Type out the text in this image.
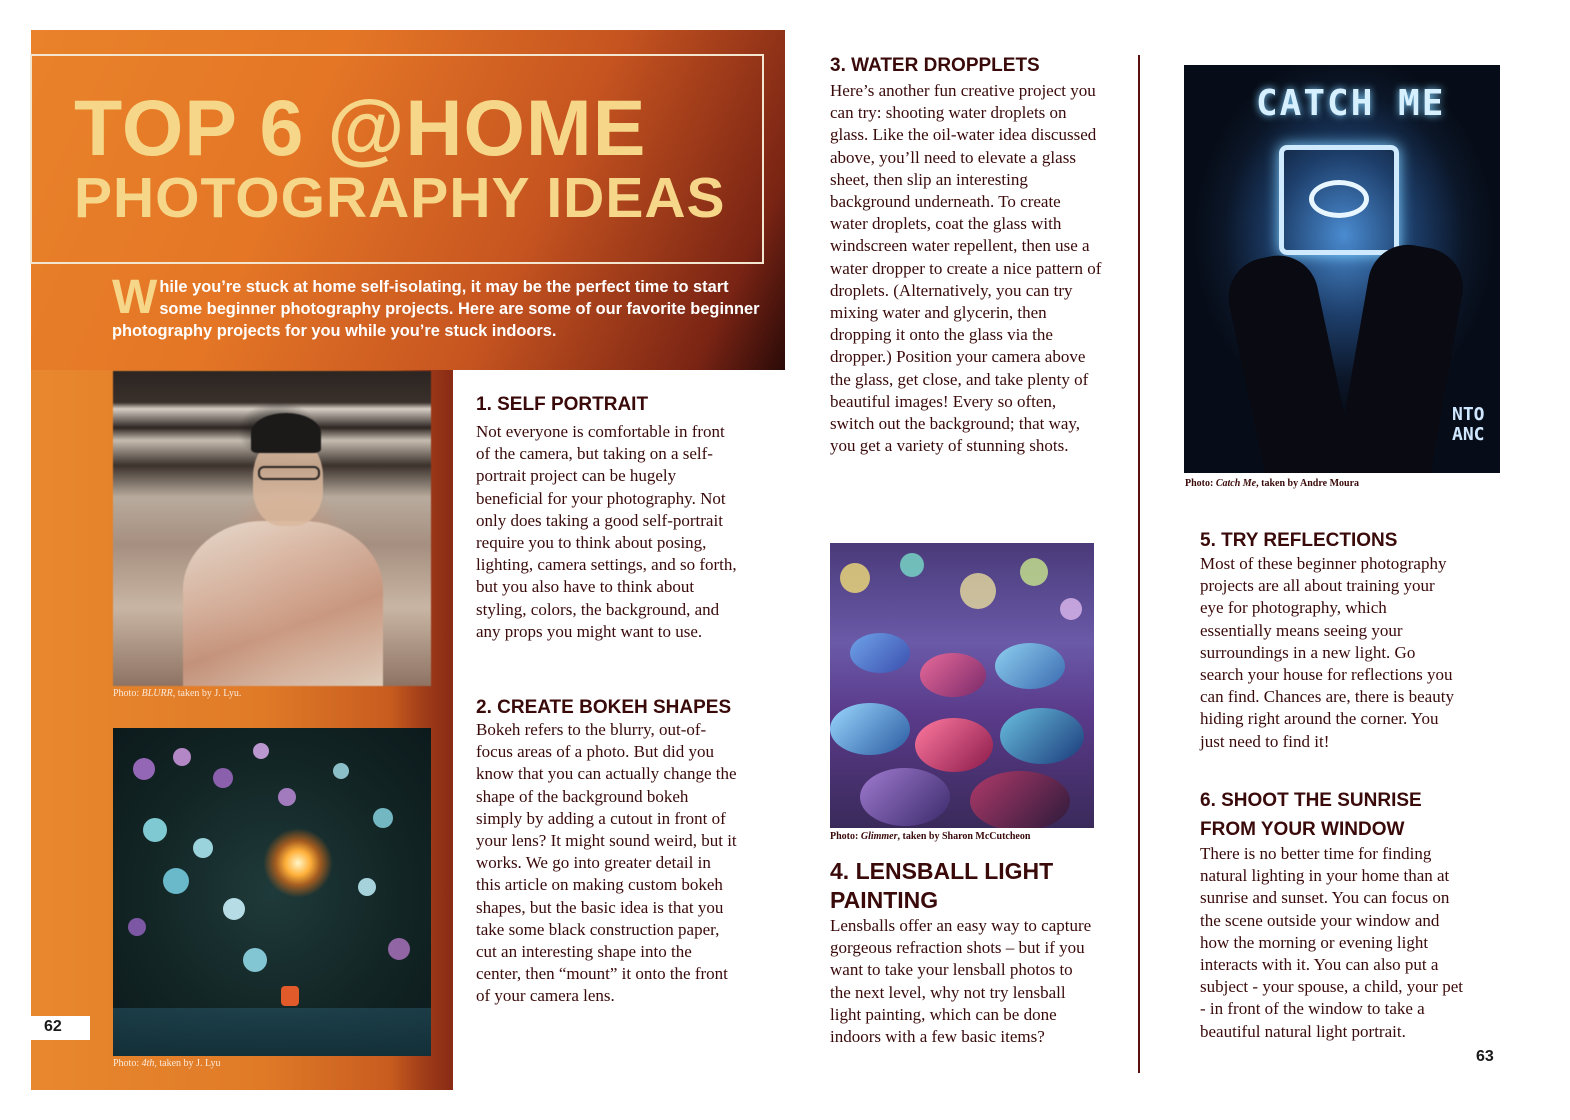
TOP 6 @HOME
PHOTOGRAPHY IDEAS
While you’re stuck at home self-isolating, it may be the perfect time to start some beginner photography projects. Here are some of our favorite beginner photography projects for you while you’re stuck indoors.
Photo: BLURR, taken by J. Lyu.
Photo: 4th, taken by J. Lyu
62
1. SELF PORTRAIT
Not everyone is comfortable in front of the camera, but taking on a self-portrait project can be hugely beneficial for your photography. Not only does taking a good self-portrait require you to think about posing, lighting, camera settings, and so forth, but you also have to think about styling, colors, the background, and any props you might want to use.
2. CREATE BOKEH SHAPES
Bokeh refers to the blurry, out-of-focus areas of a photo. But did you know that you can actually change the shape of the background bokeh simply by adding a cutout in front of your lens? It might sound weird, but it works. We go into greater detail in this article on making custom bokeh shapes, but the basic idea is that you take some black construction paper, cut an interesting shape into the center, then “mount” it onto the front of your camera lens.
3. WATER DROPPLETS
Here’s another fun creative project you can try: shooting water droplets on glass. Like the oil-water idea discussed above, you’ll need to elevate a glass sheet, then slip an interesting background underneath. To create water droplets, coat the glass with windscreen water repellent, then use a water dropper to create a nice pattern of droplets. (Alternatively, you can try mixing water and glycerin, then dropping it onto the glass via the dropper.) Position your camera above the glass, get close, and take plenty of beautiful images! Every so often, switch out the background; that way, you get a variety of stunning shots.
Photo: Glimmer, taken by Sharon McCutcheon
4. LENSBALL LIGHT
PAINTING
Lensballs offer an easy way to capture gorgeous refraction shots – but if you want to take your lensball photos to the next level, why not try lensball light painting, which can be done indoors with a few basic items?
CATCH ME
NTO
ANC
Photo: Catch Me, taken by Andre Moura
5. TRY REFLECTIONS
Most of these beginner photography projects are all about training your eye for photography, which essentially means seeing your surroundings in a new light. Go search your house for reflections you can find. Chances are, there is beauty hiding right around the corner. You just need to find it!
6. SHOOT THE SUNRISE
FROM YOUR WINDOW
There is no better time for finding natural lighting in your home than at sunrise and sunset. You can focus on the scene outside your window and how the morning or evening light interacts with it. You can also put a subject - your spouse, a child, your pet - in front of the window to take a beautiful natural light portrait.
63
